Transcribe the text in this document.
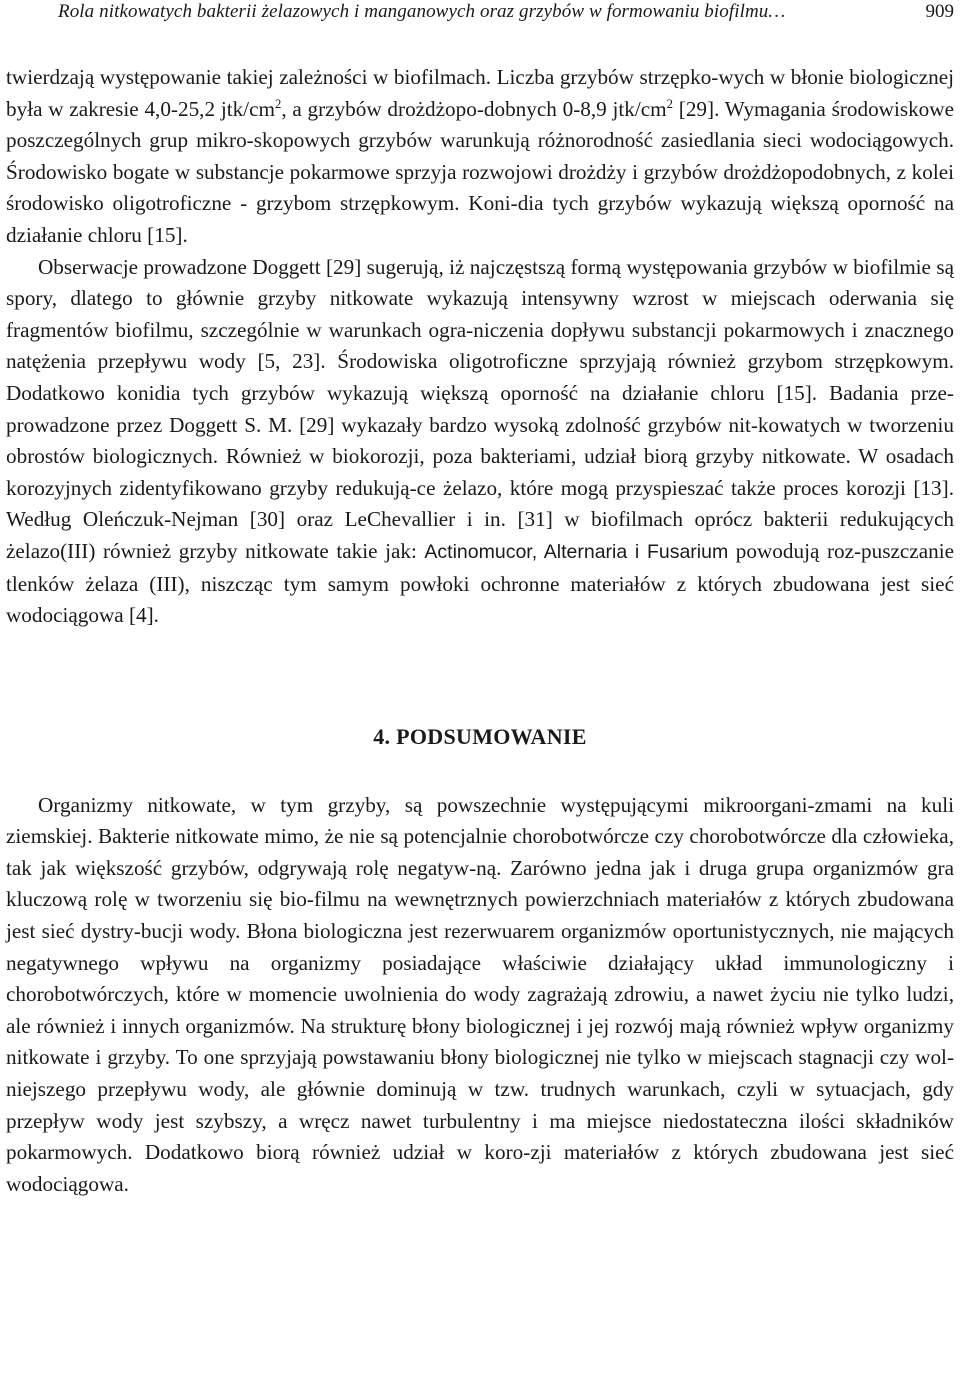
Rola nitkowatych bakterii żelazowych i manganowych oraz grzybów w formowaniu biofilmu…	909

twierdzają występowanie takiej zależności w biofilmach. Liczba grzybów strzępko-wych w błonie biologicznej była w zakresie 4,0-25,2 jtk/$cm^2$, a grzybów drożdżopo-dobnych 0-8,9 jtk/$cm^2$ [29]. Wymagania środowiskowe poszczególnych grup mikro-skopowych grzybów warunkują różnorodność zasiedlania sieci wodociągowych. Środowisko bogate w substancje pokarmowe sprzyja rozwojowi drożdży i grzybów drożdżopodobnych, z kolei środowisko oligotroficzne - grzybom strzępkowym. Koni-dia tych grzybów wykazują większą oporność na działanie chloru [15].

Obserwacje prowadzone Doggett [29] sugerują, iż najczęstszą formą występowania grzybów w biofilmie są spory, dlatego to głównie grzyby nitkowate wykazują intensywny wzrost w miejscach oderwania się fragmentów biofilmu, szczególnie w warunkach ogra-niczenia dopływu substancji pokarmowych i znacznego natężenia przepływu wody [5, 23]. Środowiska oligotroficzne sprzyjają również grzybom strzępkowym. Dodatkowo konidia tych grzybów wykazują większą oporność na działanie chloru [15]. Badania prze-prowadzone przez Doggett S. M. [29] wykazały bardzo wysoką zdolność grzybów nit-kowatych w tworzeniu obrostów biologicznych. Również w biokorozji, poza bakteriami, udział biorą grzyby nitkowate. W osadach korozyjnych zidentyfikowano grzyby redukują-ce żelazo, które mogą przyspieszać także proces korozji [13]. Według Oleńczuk-Nejman [30] oraz LeChevallier i in. [31] w biofilmach oprócz bakterii redukujących żelazo(III) również grzyby nitkowate takie jak: Actinomucor, Alternaria i Fusarium powodują roz-puszczanie tlenków żelaza (III), niszcząc tym samym powłoki ochronne materiałów z których zbudowana jest sieć wodociągowa [4].

4. PODSUMOWANIE

Organizmy nitkowate, w tym grzyby, są powszechnie występującymi mikroorgani-zmami na kuli ziemskiej. Bakterie nitkowate mimo, że nie są potencjalnie chorobotwórcze czy chorobotwórcze dla człowieka, tak jak większość grzybów, odgrywają rolę negatyw-ną. Zarówno jedna jak i druga grupa organizmów gra kluczową rolę w tworzeniu się bio-filmu na wewnętrznych powierzchniach materiałów z których zbudowana jest sieć dystry-bucji wody. Błona biologiczna jest rezerwuarem organizmów oportunistycznych, nie mających negatywnego wpływu na organizmy posiadające właściwie działający układ immunologiczny i chorobotwórczych, które w momencie uwolnienia do wody zagrażają zdrowiu, a nawet życiu nie tylko ludzi, ale również i innych organizmów. Na strukturę błony biologicznej i jej rozwój mają również wpływ organizmy nitkowate i grzyby. To one sprzyjają powstawaniu błony biologicznej nie tylko w miejscach stagnacji czy wol-niejszego przepływu wody, ale głównie dominują w tzw. trudnych warunkach, czyli w sytuacjach, gdy przepływ wody jest szybszy, a wręcz nawet turbulentny i ma miejsce niedostateczna ilości składników pokarmowych. Dodatkowo biorą również udział w koro-zji materiałów z których zbudowana jest sieć wodociągowa.
